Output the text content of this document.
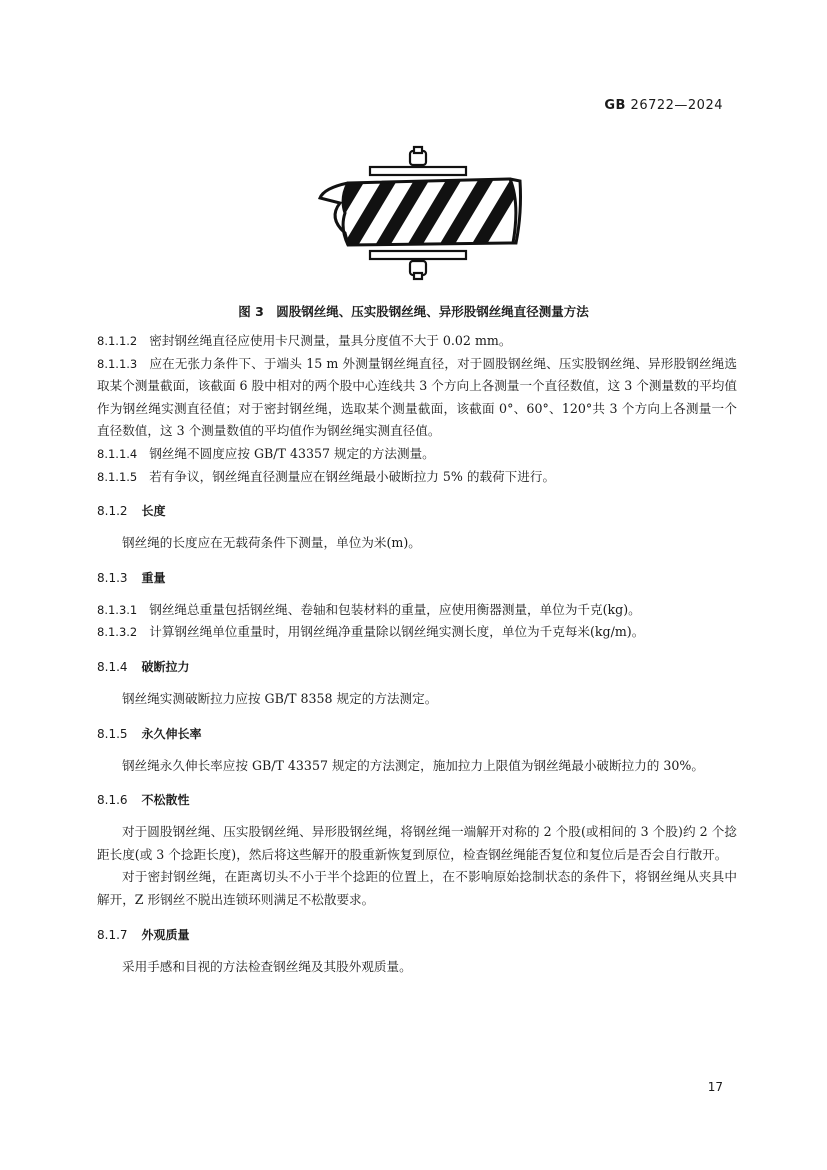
GB 26722—2024
图 3　圆股钢丝绳、压实股钢丝绳、异形股钢丝绳直径测量方法

8.1.1.2 密封钢丝绳直径应使用卡尺测量，量具分度值不大于 0.02 mm。

8.1.1.3 应在无张力条件下、于端头 15 m 外测量钢丝绳直径，对于圆股钢丝绳、压实股钢丝绳、异形股钢丝绳选取某个测量截面，该截面 6 股中相对的两个股中心连线共 3 个方向上各测量一个直径数值，这 3 个测量数的平均值作为钢丝绳实测直径值；对于密封钢丝绳，选取某个测量截面，该截面 0°、60°、120°共 3 个方向上各测量一个直径数值，这 3 个测量数值的平均值作为钢丝绳实测直径值。

8.1.1.4 钢丝绳不圆度应按 GB/T 43357 规定的方法测量。

8.1.1.5 若有争议，钢丝绳直径测量应在钢丝绳最小破断拉力 5% 的载荷下进行。

8.1.2 长度

钢丝绳的长度应在无载荷条件下测量，单位为米(m)。

8.1.3 重量

8.1.3.1 钢丝绳总重量包括钢丝绳、卷轴和包装材料的重量，应使用衡器测量，单位为千克(kg)。

8.1.3.2 计算钢丝绳单位重量时，用钢丝绳净重量除以钢丝绳实测长度，单位为千克每米(kg/m)。

8.1.4 破断拉力

钢丝绳实测破断拉力应按 GB/T 8358 规定的方法测定。

8.1.5 永久伸长率

钢丝绳永久伸长率应按 GB/T 43357 规定的方法测定，施加拉力上限值为钢丝绳最小破断拉力的 30%。

8.1.6 不松散性

对于圆股钢丝绳、压实股钢丝绳、异形股钢丝绳，将钢丝绳一端解开对称的 2 个股(或相间的 3 个股)约 2 个捻距长度(或 3 个捻距长度)，然后将这些解开的股重新恢复到原位，检查钢丝绳能否复位和复位后是否会自行散开。

对于密封钢丝绳，在距离切头不小于半个捻距的位置上，在不影响原始捻制状态的条件下，将钢丝绳从夹具中解开，Z 形钢丝不脱出连锁环则满足不松散要求。

8.1.7 外观质量

采用手感和目视的方法检查钢丝绳及其股外观质量。

17
